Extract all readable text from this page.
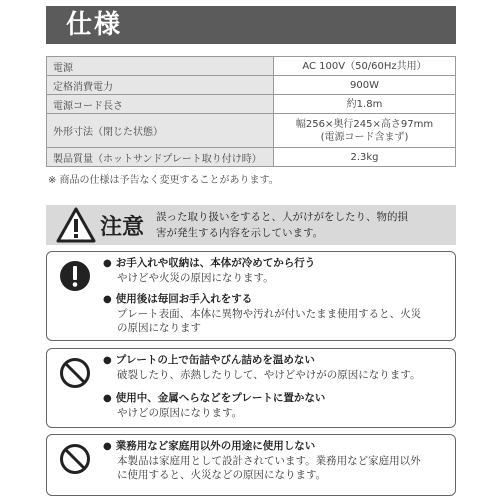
仕様
電源	AC 100V（50/60Hz共用）
定格消費電力	900W
電源コード長さ	約1.8m
外形寸法（閉じた状態）	幅256×奥行245×高さ97mm
(電源コード含まず)

製品質量（ホットサンドプレート取り付け時）	2.3kg
※ 商品の仕様は予告なく変更することがあります。
注意	誤った取り扱いをすると、人がけがをしたり、物的損
害が発生する内容を示しています。
● お手入れや収納は、本体が冷めてから行う
やけどや火災の原因になります。
● 使用後は毎回お手入れをする
プレート表面、本体に異物や汚れが付いたまま使用すると、火災
の原因になります
● プレートの上で缶詰やびん詰めを温めない
破裂したり、赤熱したりして、やけどやけがの原因になります。
● 使用中、金属へらなどをプレートに置かない
やけどの原因になります。
● 業務用など家庭用以外の用途に使用しない
本製品は家庭用として設計されています。業務用など家庭用以外
に使用すると、火災などの原因になります。
